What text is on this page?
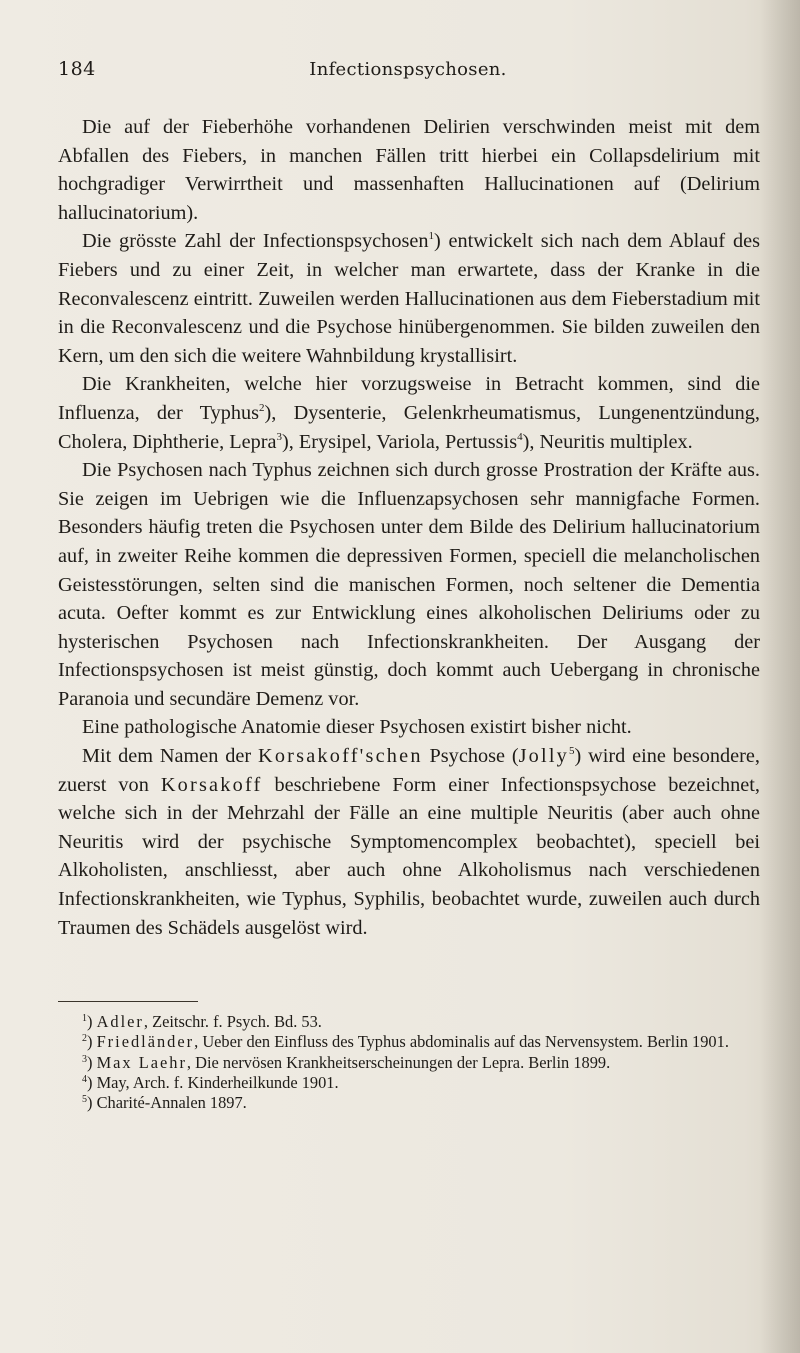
184	Infectionspsychosen.

Die auf der Fieberhöhe vorhandenen Delirien verschwinden meist mit dem Abfallen des Fiebers, in manchen Fällen tritt hierbei ein Collapsdelirium mit hochgradiger Verwirrtheit und massenhaften Hallucinationen auf (Delirium hallucinatorium).

Die grösste Zahl der Infectionspsychosen$^1$) entwickelt sich nach dem Ablauf des Fiebers und zu einer Zeit, in welcher man erwartete, dass der Kranke in die Reconvalescenz eintritt. Zuweilen werden Hallucinationen aus dem Fieberstadium mit in die Reconvalescenz und die Psychose hinübergenommen. Sie bilden zuweilen den Kern, um den sich die weitere Wahnbildung krystallisirt.

Die Krankheiten, welche hier vorzugsweise in Betracht kommen, sind die Influenza, der Typhus$^2$), Dysenterie, Gelenkrheumatismus, Lungenentzündung, Cholera, Diphtherie, Lepra$^3$), Erysipel, Variola, Pertussis$^4$), Neuritis multiplex.

Die Psychosen nach Typhus zeichnen sich durch grosse Prostration der Kräfte aus. Sie zeigen im Uebrigen wie die Influenzapsychosen sehr mannigfache Formen. Besonders häufig treten die Psychosen unter dem Bilde des Delirium hallucinatorium auf, in zweiter Reihe kommen die depressiven Formen, speciell die melancholischen Geistesstörungen, selten sind die manischen Formen, noch seltener die Dementia acuta. Oefter kommt es zur Entwicklung eines alkoholischen Deliriums oder zu hysterischen Psychosen nach Infectionskrankheiten. Der Ausgang der Infectionspsychosen ist meist günstig, doch kommt auch Uebergang in chronische Paranoia und secundäre Demenz vor.

Eine pathologische Anatomie dieser Psychosen existirt bisher nicht.

Mit dem Namen der Korsakoff'schen Psychose (Jolly$^5$) wird eine besondere, zuerst von Korsakoff beschriebene Form einer Infectionspsychose bezeichnet, welche sich in der Mehrzahl der Fälle an eine multiple Neuritis (aber auch ohne Neuritis wird der psychische Symptomencomplex beobachtet), speciell bei Alkoholisten, anschliesst, aber auch ohne Alkoholismus nach verschiedenen Infectionskrankheiten, wie Typhus, Syphilis, beobachtet wurde, zuweilen auch durch Traumen des Schädels ausgelöst wird.

$^1$) Adler, Zeitschr. f. Psych. Bd. 53.

$^2$) Friedländer, Ueber den Einfluss des Typhus abdominalis auf das Nervensystem. Berlin 1901.

$^3$) Max Laehr, Die nervösen Krankheitserscheinungen der Lepra. Berlin 1899.

$^4$) May, Arch. f. Kinderheilkunde 1901.

$^5$) Charité-Annalen 1897.
